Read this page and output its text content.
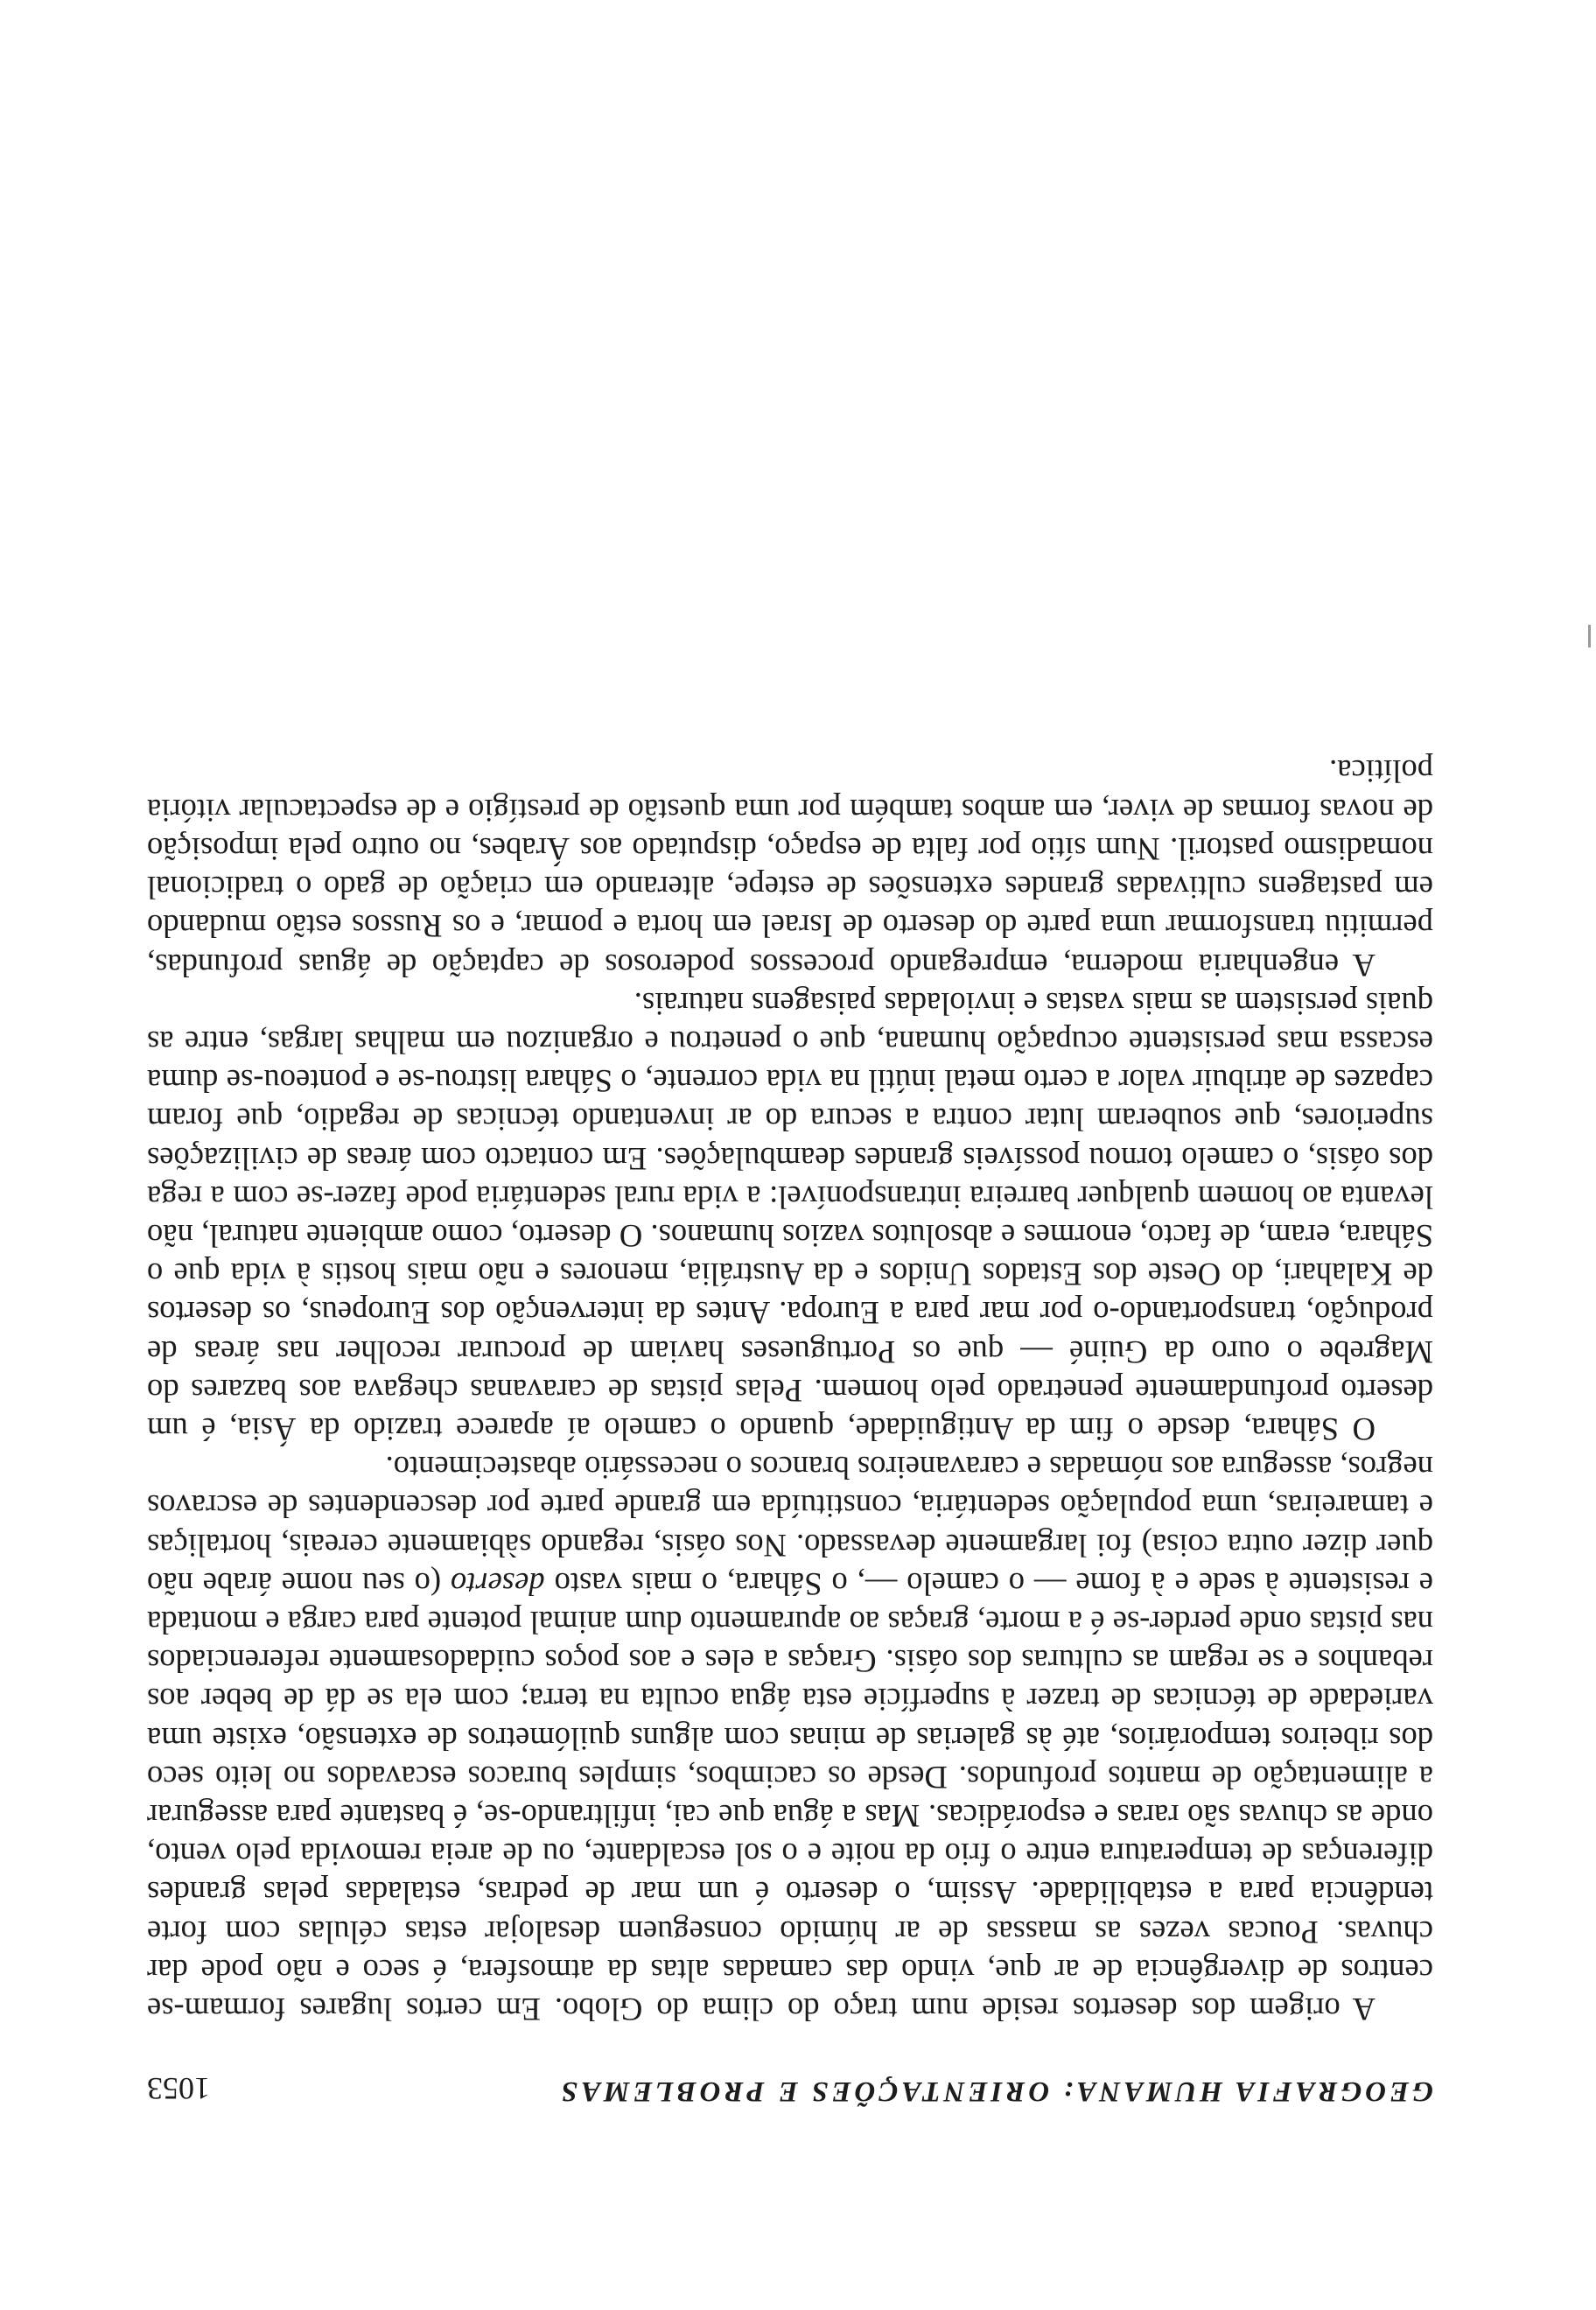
GEOGRAFIA HUMANA: ORIENTAÇÕES E PROBLEMAS
1053

A origem dos desertos reside num traço do clima do Globo. Em certos lugares formam-se centros de divergência de ar que, vindo das camadas altas da atmosfera, é seco e não pode dar chuvas. Poucas vezes as massas de ar húmido conseguem desalojar estas células com forte tendência para a estabilidade. Assim, o deserto é um mar de pedras, estaladas pelas grandes diferenças de temperatura entre o frio da noite e o sol escaldante, ou de areia removida pelo vento, onde as chuvas são raras e esporádicas. Mas a água que cai, infiltrando-se, é bastante para assegurar a alimentação de mantos profundos. Desde os cacimbos, simples buracos escavados no leito seco dos ribeiros temporários, até às galerias de minas com alguns quilómetros de extensão, existe uma variedade de técnicas de trazer à superfície esta água oculta na terra; com ela se dá de beber aos rebanhos e se regam as culturas dos oásis. Graças a eles e aos poços cuidadosamente referenciados nas pistas onde perder-se é a morte, graças ao apuramento dum animal potente para carga e montada e resistente à sede e à fome — o camelo —, o Sáhara, o mais vasto deserto (o seu nome árabe não quer dizer outra coisa) foi largamente devassado. Nos oásis, regando sàbiamente cereais, hortaliças e tamareiras, uma população sedentária, constituída em grande parte por descendentes de escravos negros, assegura aos nómadas e caravaneiros brancos o necessário abastecimento.

O Sáhara, desde o fim da Antiguidade, quando o camelo aí aparece trazido da Ásia, é um deserto profundamente penetrado pelo homem. Pelas pistas de caravanas chegava aos bazares do Magrebe o ouro da Guiné — que os Portugueses haviam de procurar recolher nas áreas de produção, transportando-o por mar para a Europa. Antes da intervenção dos Europeus, os desertos de Kalahari, do Oeste dos Estados Unidos e da Austrália, menores e não mais hostis à vida que o Sáhara, eram, de facto, enormes e absolutos vazios humanos. O deserto, como ambiente natural, não levanta ao homem qualquer barreira intransponível: a vida rural sedentária pode fazer-se com a rega dos oásis, o camelo tornou possíveis grandes deambulações. Em contacto com áreas de civilizações superiores, que souberam lutar contra a secura do ar inventando técnicas de regadio, que foram capazes de atribuir valor a certo metal inútil na vida corrente, o Sáhara listrou-se e ponteou-se duma escassa mas persistente ocupação humana, que o penetrou e organizou em malhas largas, entre as quais persistem as mais vastas e invioladas paisagens naturais.

A engenharia moderna, empregando processos poderosos de captação de águas profundas, permitiu transformar uma parte do deserto de Israel em horta e pomar, e os Russos estão mudando em pastagens cultivadas grandes extensões de estepe, alterando em criação de gado o tradicional nomadismo pastoril. Num sítio por falta de espaço, disputado aos Árabes, no outro pela imposição de novas formas de viver, em ambos também por uma questão de prestígio e de espectacular vitória política.
